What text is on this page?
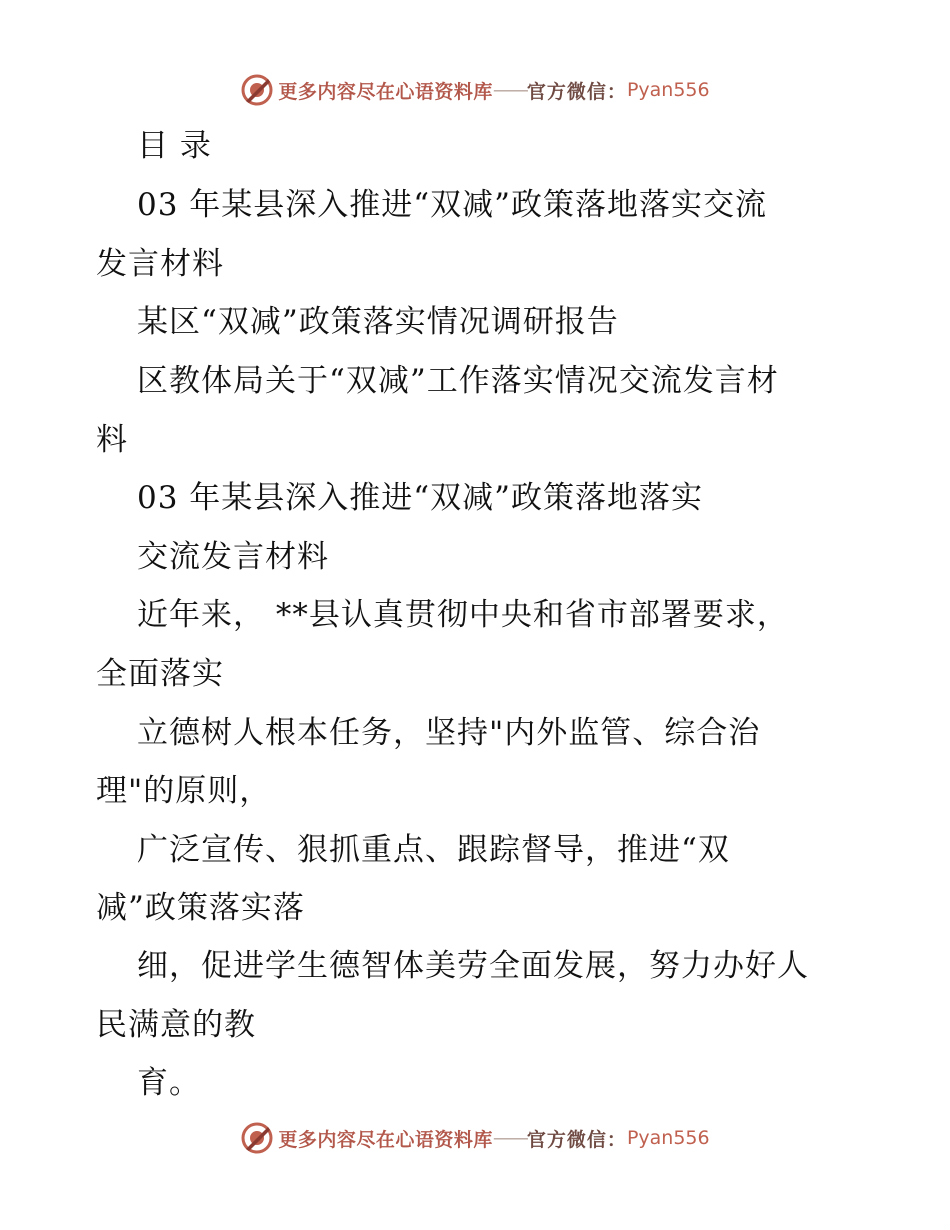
更多内容尽在心语资料库 —— 官方微信： Pyan556
目 录
03 年某县深入推进“双减”政策落地落实交流
发言材料
某区“双减”政策落实情况调研报告
区教体局关于“双减”工作落实情况交流发言材
料
03 年某县深入推进“双减”政策落地落实
交流发言材料
近年来， **县认真贯彻中央和省市部署要求，
全面落实
立德树人根本任务，坚持"内外监管、综合治
理"的原则，
广泛宣传、狠抓重点、跟踪督导，推进“双
减”政策落实落
细，促进学生德智体美劳全面发展，努力办好人
民满意的教
育。
更多内容尽在心语资料库 —— 官方微信： Pyan556
